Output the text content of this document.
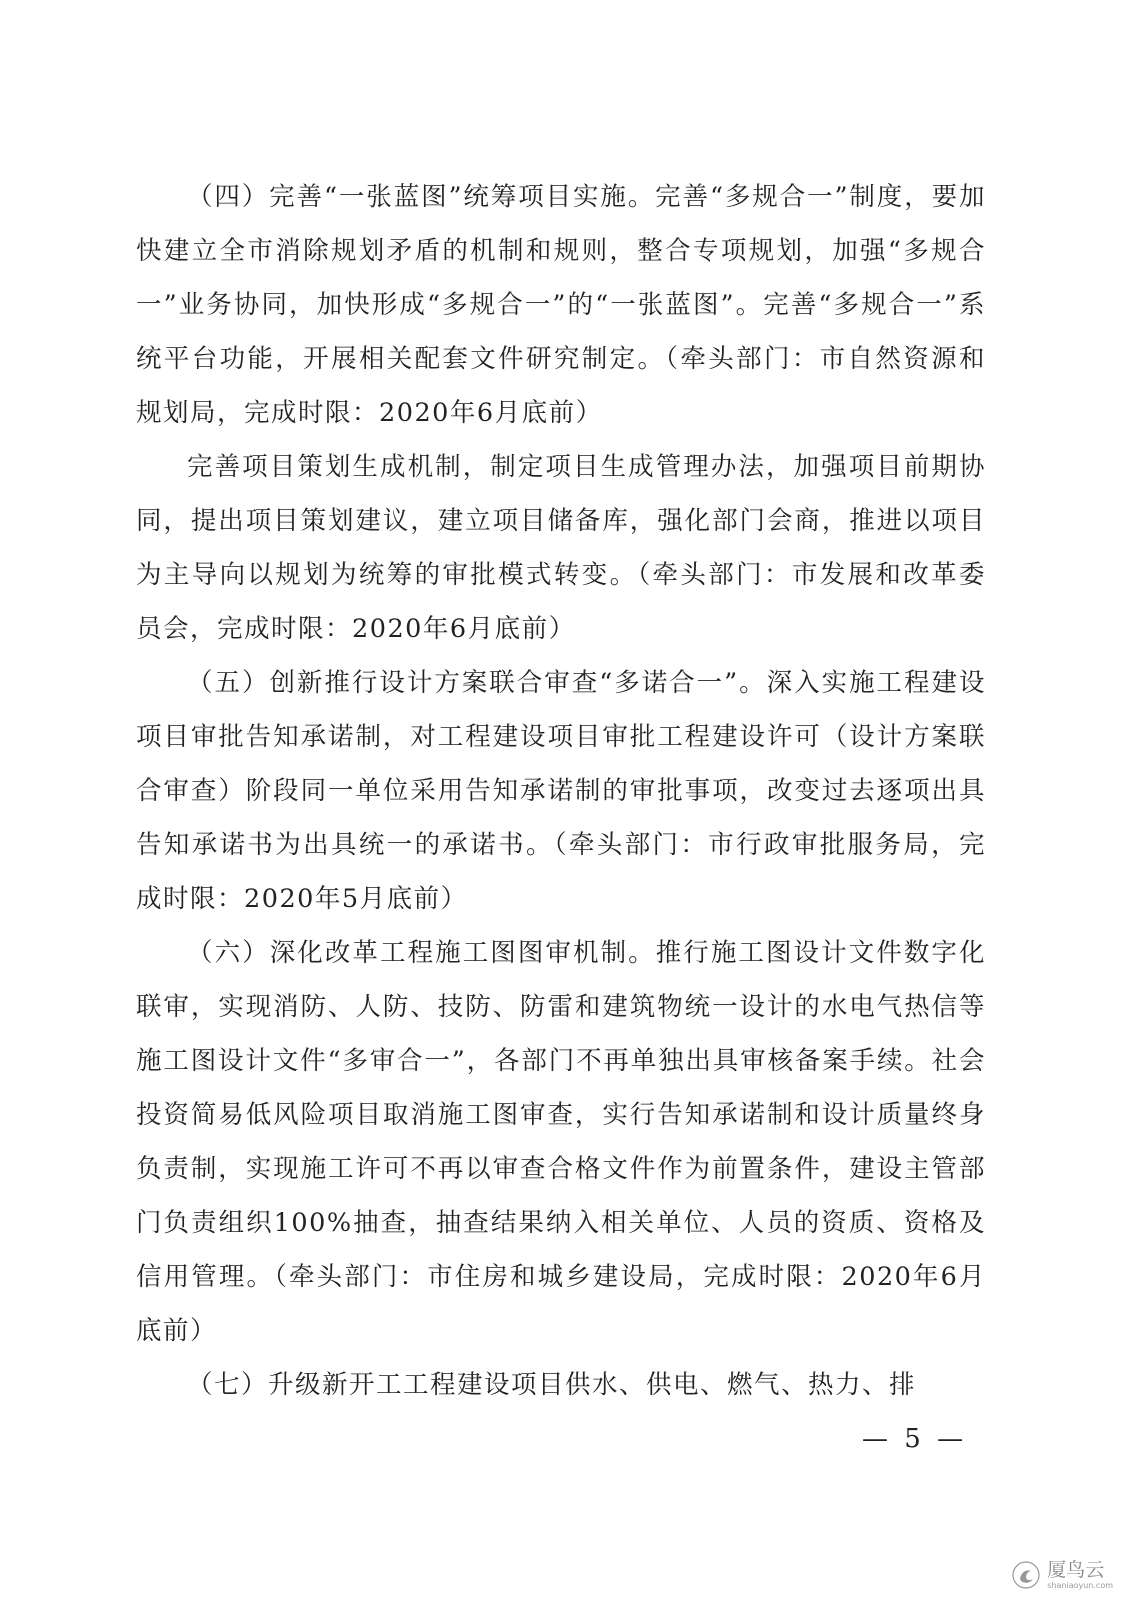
（四）完善“一张蓝图”统筹项目实施。完善“多规合一”制度，要加快建立全市消除规划矛盾的机制和规则，整合专项规划，加强“多规合一”业务协同，加快形成“多规合一”的“一张蓝图”。完善“多规合一”系统平台功能，开展相关配套文件研究制定。（牵头部门：市自然资源和规划局，完成时限：2020年6月底前）

完善项目策划生成机制，制定项目生成管理办法，加强项目前期协同，提出项目策划建议，建立项目储备库，强化部门会商，推进以项目为主导向以规划为统筹的审批模式转变。（牵头部门：市发展和改革委员会，完成时限：2020年6月底前）

（五）创新推行设计方案联合审查“多诺合一”。深入实施工程建设项目审批告知承诺制，对工程建设项目审批工程建设许可（设计方案联合审查）阶段同一单位采用告知承诺制的审批事项，改变过去逐项出具告知承诺书为出具统一的承诺书。（牵头部门：市行政审批服务局，完成时限：2020年5月底前）

（六）深化改革工程施工图图审机制。推行施工图设计文件数字化联审，实现消防、人防、技防、防雷和建筑物统一设计的水电气热信等施工图设计文件“多审合一”，各部门不再单独出具审核备案手续。社会投资简易低风险项目取消施工图审查，实行告知承诺制和设计质量终身负责制，实现施工许可不再以审查合格文件作为前置条件，建设主管部门负责组织100%抽查，抽查结果纳入相关单位、人员的资质、资格及信用管理。（牵头部门：市住房和城乡建设局，完成时限：2020年6月底前）

（七）升级新开工工程建设项目供水、供电、燃气、热力、排

— 5 —
厦鸟云
shaniaoyun.com
